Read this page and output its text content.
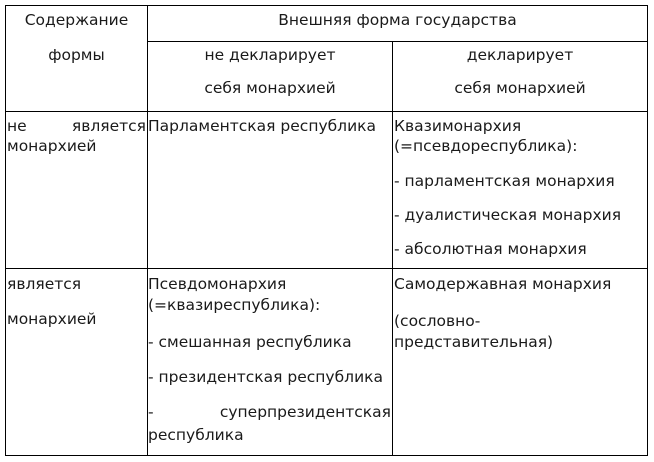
Содержание
формы
Внешняя форма государства
не декларирует
себя монархией
декларирует
себя монархией
не	является
монархией
Парламентская республика Квазимонархия
(=псевдореспублика):
- парламентская монархия
- дуалистическая монархия
- абсолютная монархия
является
монархией
Псевдомонархия
(=квазиреспублика):
- смешанная республика
- президентская республика
-	суперпрезидентская
республика
Самодержавная монархия
(сословно-
представительная)
